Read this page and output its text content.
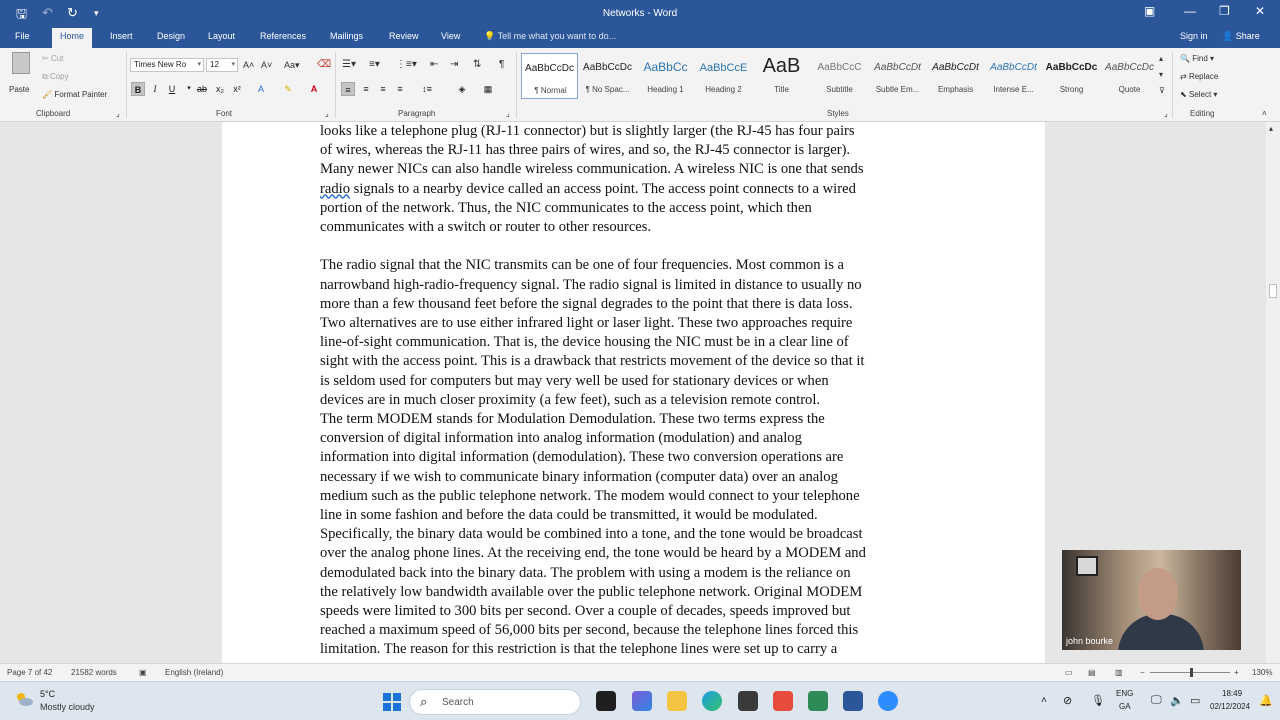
🖫 ↶ ↻ ▾	Networks - Word	▣ — ❐ ✕
File	Home	Insert	Design	Layout	References	Mailings	Review View	💡 Tell me what you want to do...	Sign in 👤 Share
Paste
✂ Cut
⧉ Copy
🖌 Format Painter
Clipboard	⌟
Times New Ro ▾	12 ▾ A˄ A˅ Aa▾ ⌫
B	I	U	▾ ab	x₂	x²	A	✎	A
Font	⌟
☰▾ ≡▾ ⋮≡▾ ⇤ ⇥ ⇅ ¶
≡	≡	≡	≡	↕≡	◈	▦
Paragraph	⌟
AaBbCcDc
¶ Normal
AaBbCcDc
¶ No Spac...
AaBbCc
Heading 1
AaBbCcE
Heading 2
AaB
Title
AaBbCcC
Subtitle
AaBbCcDt
Subtle Em...
AaBbCcDt
Emphasis
AaBbCcDt
Intense E...
AaBbCcDc
Strong
AaBbCcDc
Quote
▴
▾
⊽
Styles	⌟
🔍 Find ▾
⇄ Replace
⬉ Select ▾
Editing	˄
looks like a telephone plug (RJ-11 connector) but is slightly larger (the RJ-45 has four pairs
of wires, whereas the RJ-11 has three pairs of wires, and so, the RJ-45 connector is larger).
Many newer NICs can also handle wireless communication. A wireless NIC is one that sends
radio signals to a nearby device called an access point. The access point connects to a wired
portion of the network. Thus, the NIC communicates to the access point, which then
communicates with a switch or router to other resources.
The radio signal that the NIC transmits can be one of four frequencies. Most common is a
narrowband high-radio-frequency signal. The radio signal is limited in distance to usually no
more than a few thousand feet before the signal degrades to the point that there is data loss.
Two alternatives are to use either infrared light or laser light. These two approaches require
line-of-sight communication. That is, the device housing the NIC must be in a clear line of
sight with the access point. This is a drawback that restricts movement of the device so that it
is seldom used for computers but may very well be used for stationary devices or when
devices are in much closer proximity (a few feet), such as a television remote control.
The term MODEM stands for Modulation Demodulation. These two terms express the
conversion of digital information into analog information (modulation) and analog
information into digital information (demodulation). These two conversion operations are
necessary if we wish to communicate binary information (computer data) over an analog
medium such as the public telephone network. The modem would connect to your telephone
line in some fashion and before the data could be transmitted, it would be modulated.
Specifically, the binary data would be combined into a tone, and the tone would be broadcast
over the analog phone lines. At the receiving end, the tone would be heard by a MODEM and
demodulated back into the binary data. The problem with using a modem is the reliance on
the relatively low bandwidth available over the public telephone network. Original MODEM
speeds were limited to 300 bits per second. Over a couple of decades, speeds improved but
reached a maximum speed of 56,000 bits per second, because the telephone lines forced this
limitation. The reason for this restriction is that the telephone lines were set up to carry a
▴
john bourke
Page 7 of 42 21582 words	▣ English (Ireland)	▭ ▤ ▥ −	+ 130%
5°C
Mostly cloudy	⌕ Search	˄ ⊘ 🎙
ENG
GA
🖵 🔈 ▭
18:49
02/12/2024 🔔
